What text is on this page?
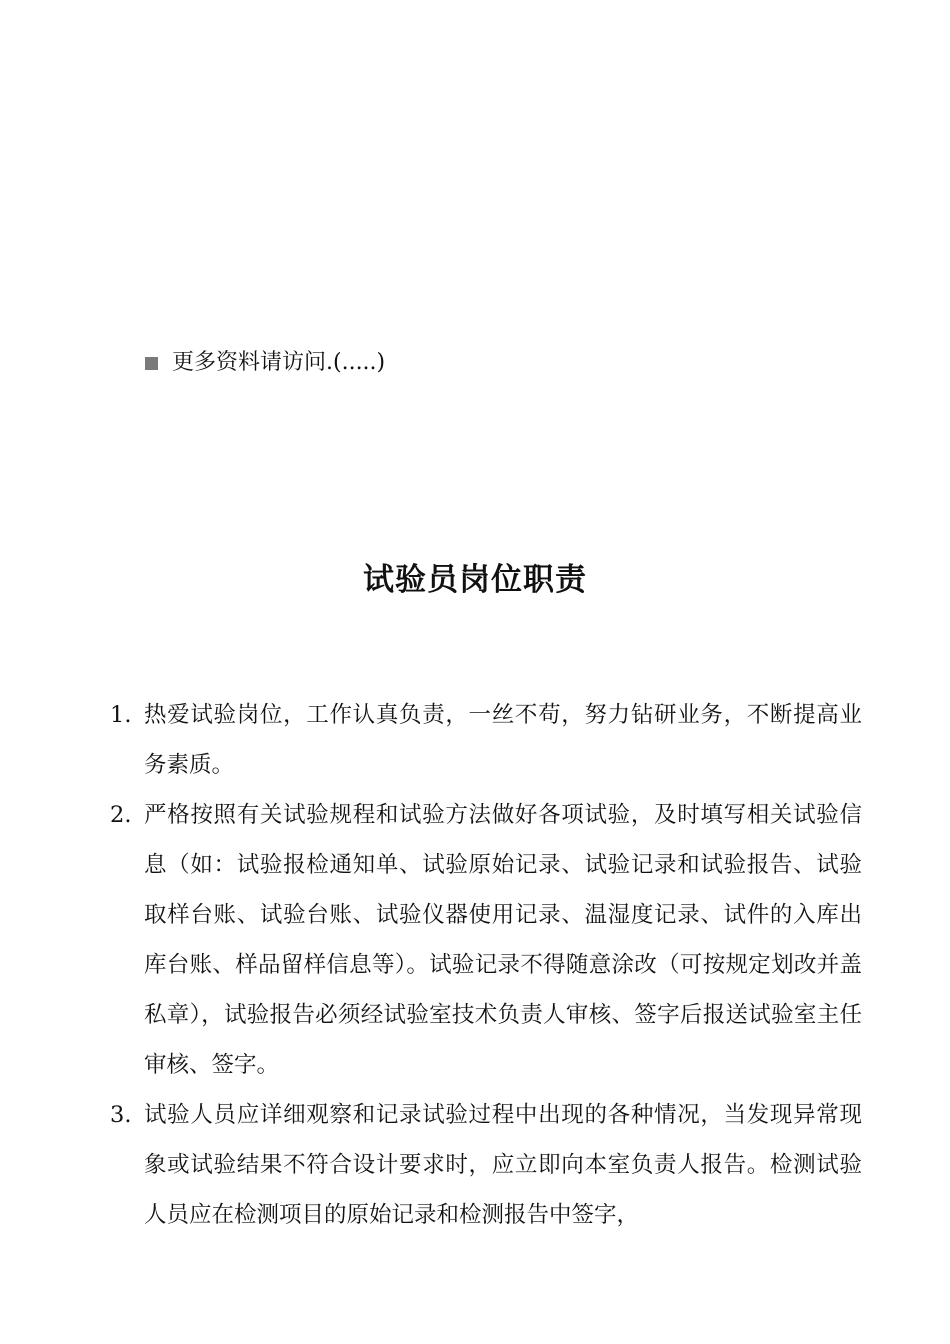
更多资料请访问.(.....)
试验员岗位职责
1. 热爱试验岗位，工作认真负责，一丝不苟，努力钻研业务，不断提高业务素质。
2. 严格按照有关试验规程和试验方法做好各项试验，及时填写相关试验信息（如：试验报检通知单、试验原始记录、试验记录和试验报告、试验取样台账、试验台账、试验仪器使用记录、温湿度记录、试件的入库出库台账、样品留样信息等）。试验记录不得随意涂改（可按规定划改并盖私章），试验报告必须经试验室技术负责人审核、签字后报送试验室主任审核、签字。
3. 试验人员应详细观察和记录试验过程中出现的各种情况，当发现异常现象或试验结果不符合设计要求时，应立即向本室负责人报告。检测试验人员应在检测项目的原始记录和检测报告中签字，
